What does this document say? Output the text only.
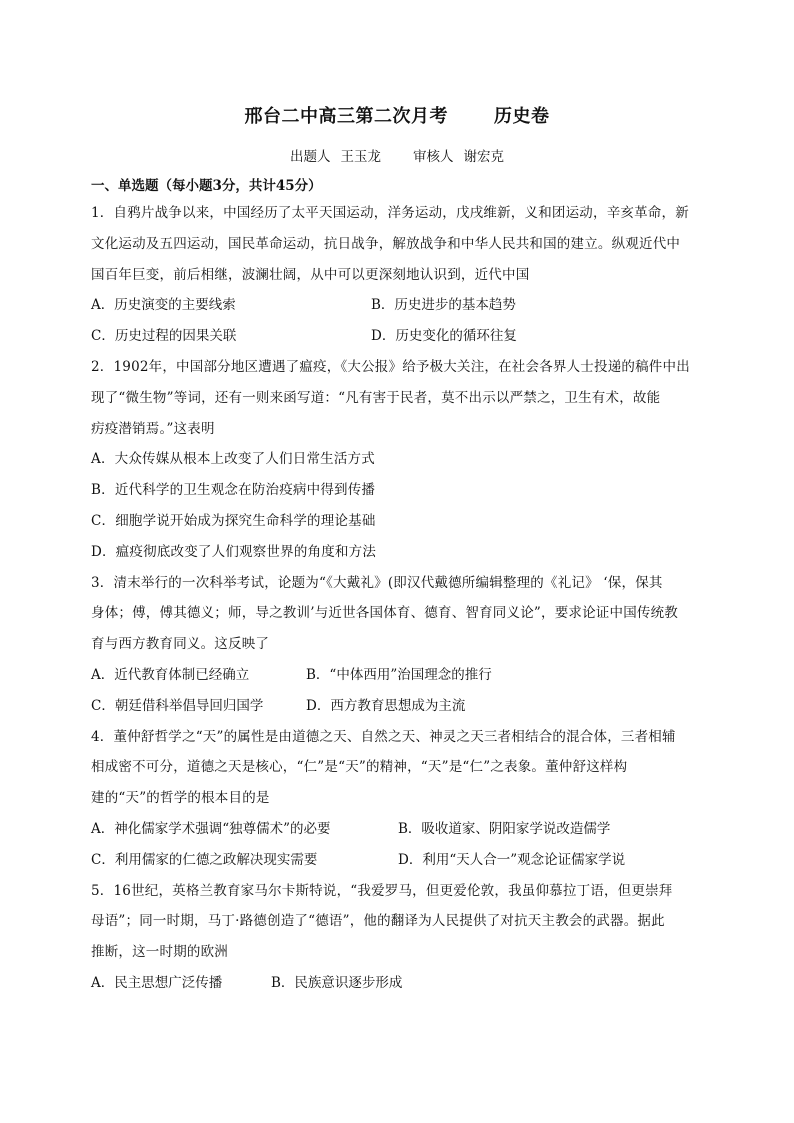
邢台二中高三第二次月考	历史卷
出题人 王玉龙 审核人 谢宏克
一、单选题（每小题3分，共计45分）

1．自鸦片战争以来，中国经历了太平天国运动，洋务运动，戊戌维新，义和团运动，辛亥革命，新

文化运动及五四运动，国民革命运动，抗日战争，解放战争和中华人民共和国的建立。纵观近代中

国百年巨变，前后相继，波澜壮阔，从中可以更深刻地认识到，近代中国

A．历史演变的主要线索	B．历史进步的基本趋势
C．历史过程的因果关联	D．历史变化的循环往复

2．1902年，中国部分地区遭遇了瘟疫，《大公报》给予极大关注，在社会各界人士投递的稿件中出

现了“微生物”等词，还有一则来函写道：“凡有害于民者，莫不出示以严禁之，卫生有术，故能

疠疫潜销焉。”这表明

A．大众传媒从根本上改变了人们日常生活方式

B．近代科学的卫生观念在防治疫病中得到传播

C．细胞学说开始成为探究生命科学的理论基础

D．瘟疫彻底改变了人们观察世界的角度和方法

3．清末举行的一次科举考试，论题为“《大戴礼》(即汉代戴德所编辑整理的《礼记》 ‘保，保其

身体；傅，傅其德义；师，导之教训’与近世各国体育、德育、智育同义论”，要求论证中国传统教

育与西方教育同义。这反映了

A．近代教育体制已经确立	B．“中体西用”治国理念的推行
C．朝廷借科举倡导回归国学	D．西方教育思想成为主流

4．董仲舒哲学之“天”的属性是由道德之天、自然之天、神灵之天三者相结合的混合体，三者相辅

相成密不可分，道德之天是核心，“仁”是“天”的精神，“天”是“仁”之表象。董仲舒这样构

建的“天”的哲学的根本目的是

A．神化儒家学术强调“独尊儒术”的必要	B．吸收道家、阴阳家学说改造儒学
C．利用儒家的仁德之政解决现实需要	D．利用“天人合一”观念论证儒家学说

5．16世纪，英格兰教育家马尔卡斯特说，“我爱罗马，但更爱伦敦，我虽仰慕拉丁语，但更崇拜

母语”；同一时期，马丁·路德创造了“德语”，他的翻译为人民提供了对抗天主教会的武器。据此

推断，这一时期的欧洲

A．民主思想广泛传播	B．民族意识逐步形成
